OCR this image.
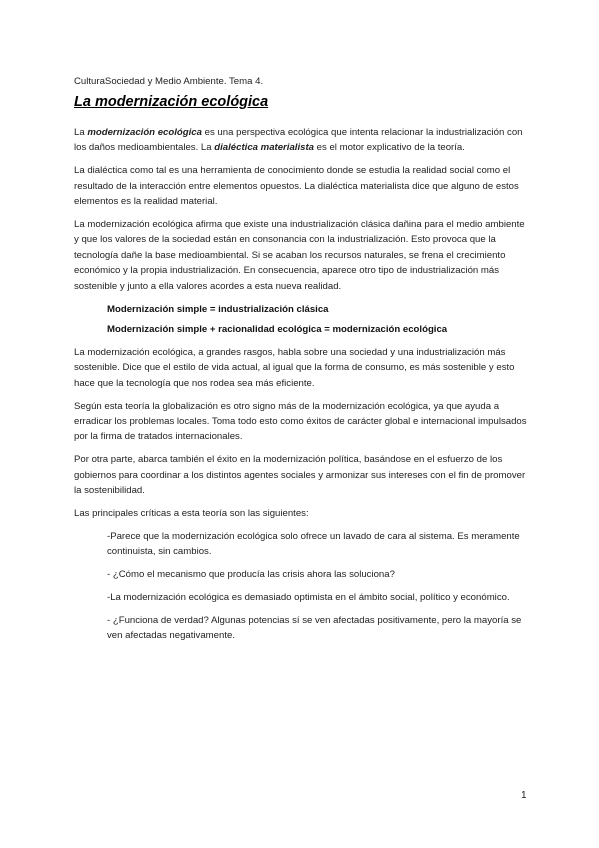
CulturaSociedad y Medio Ambiente. Tema 4.
La modernización ecológica

La modernización ecológica es una perspectiva ecológica que intenta relacionar la industrialización con los daños medioambientales. La dialéctica materialista es el motor explicativo de la teoría.

La dialéctica como tal es una herramienta de conocimiento donde se estudia la realidad social como el resultado de la interacción entre elementos opuestos. La dialéctica materialista dice que alguno de estos elementos es la realidad material.

La modernización ecológica afirma que existe una industrialización clásica dañina para el medio ambiente y que los valores de la sociedad están en consonancia con la industrialización. Esto provoca que la tecnología dañe la base medioambiental. Si se acaban los recursos naturales, se frena el crecimiento económico y la propia industrialización. En consecuencia, aparece otro tipo de industrialización más sostenible y junto a ella valores acordes a esta nueva realidad.

Modernización simple = industrialización clásica

Modernización simple + racionalidad ecológica = modernización ecológica

La modernización ecológica, a grandes rasgos, habla sobre una sociedad y una industrialización más sostenible. Dice que el estilo de vida actual, al igual que la forma de consumo, es más sostenible y esto hace que la tecnología que nos rodea sea más eficiente.

Según esta teoría la globalización es otro signo más de la modernización ecológica, ya que ayuda a erradicar los problemas locales. Toma todo esto como éxitos de carácter global e internacional impulsados por la firma de tratados internacionales.

Por otra parte, abarca también el éxito en la modernización política, basándose en el esfuerzo de los gobiernos para coordinar a los distintos agentes sociales y armonizar sus intereses con el fin de promover la sostenibilidad.

Las principales críticas a esta teoría son las siguientes:

-Parece que la modernización ecológica solo ofrece un lavado de cara al sistema. Es meramente continuista, sin cambios.

- ¿Cómo el mecanismo que producía las crisis ahora las soluciona?

-La modernización ecológica es demasiado optimista en el ámbito social, político y económico.

- ¿Funciona de verdad? Algunas potencias sí se ven afectadas positivamente, pero la mayoría se ven afectadas negativamente.

1
